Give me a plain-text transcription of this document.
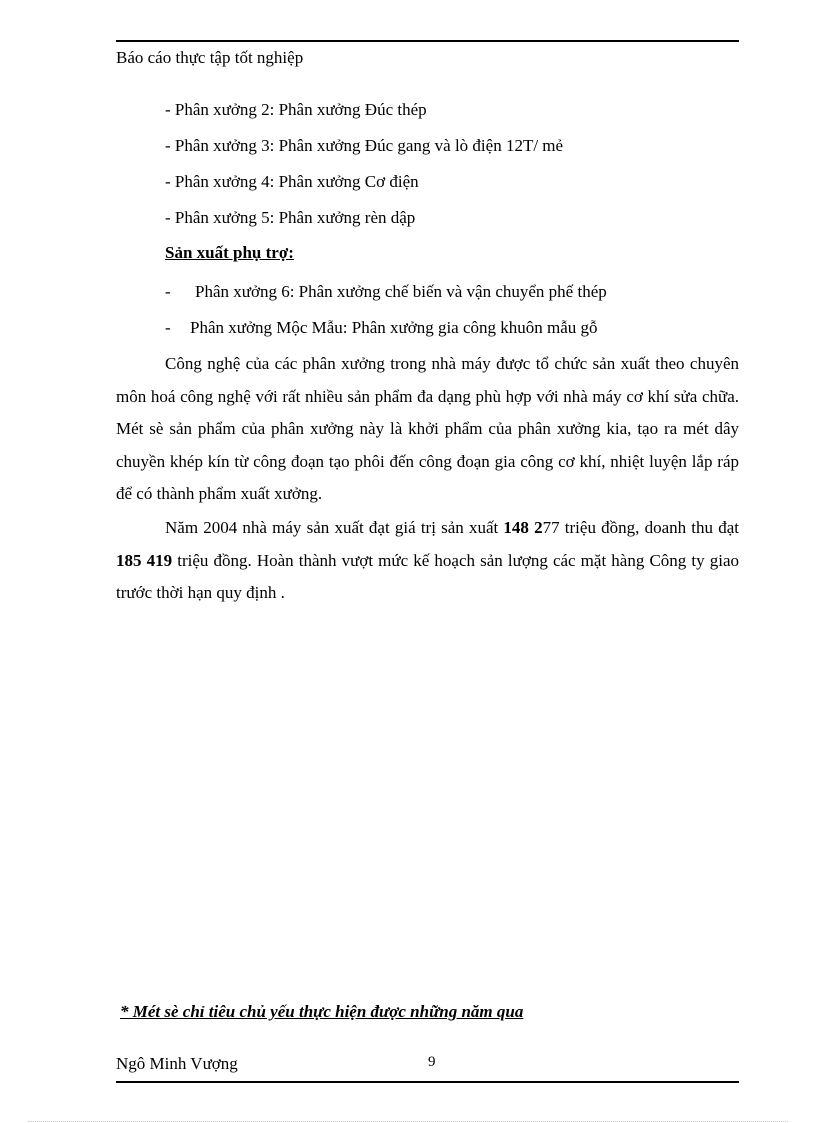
Báo cáo thực tập tốt nghiệp
- Phân xưởng 2: Phân xưởng Đúc thép
- Phân xưởng 3: Phân xưởng Đúc gang và lò điện 12T/ mẻ
- Phân xưởng 4: Phân xưởng Cơ điện
- Phân xưởng 5: Phân xưởng rèn dập
Sản xuất phụ trợ:
- Phân xưởng 6: Phân xưởng chế biến và vận chuyển phế thép
- Phân xưởng Mộc Mẫu: Phân xưởng gia công khuôn mẫu gỗ
Công nghệ của các phân xưởng trong nhà máy được tổ chức sản xuất theo chuyên môn hoá công nghệ với rất nhiều sản phẩm đa dạng phù hợp với nhà máy cơ khí sửa chữa. Mét sè sản phẩm của phân xưởng này là khởi phẩm của phân xưởng kia, tạo ra mét dây chuyền khép kín từ công đoạn tạo phôi đến công đoạn gia công cơ khí, nhiệt luyện lắp ráp để có thành phẩm xuất xưởng.
Năm 2004 nhà máy sản xuất đạt giá trị sản xuất 148 277 triệu đồng, doanh thu đạt 185 419 triệu đồng. Hoàn thành vượt mức kế hoạch sản lượng các mặt hàng Công ty giao trước thời hạn quy định .
* Mét sè chỉ tiêu chủ yếu thực hiện được những năm qua
Ngô Minh Vượng	9
